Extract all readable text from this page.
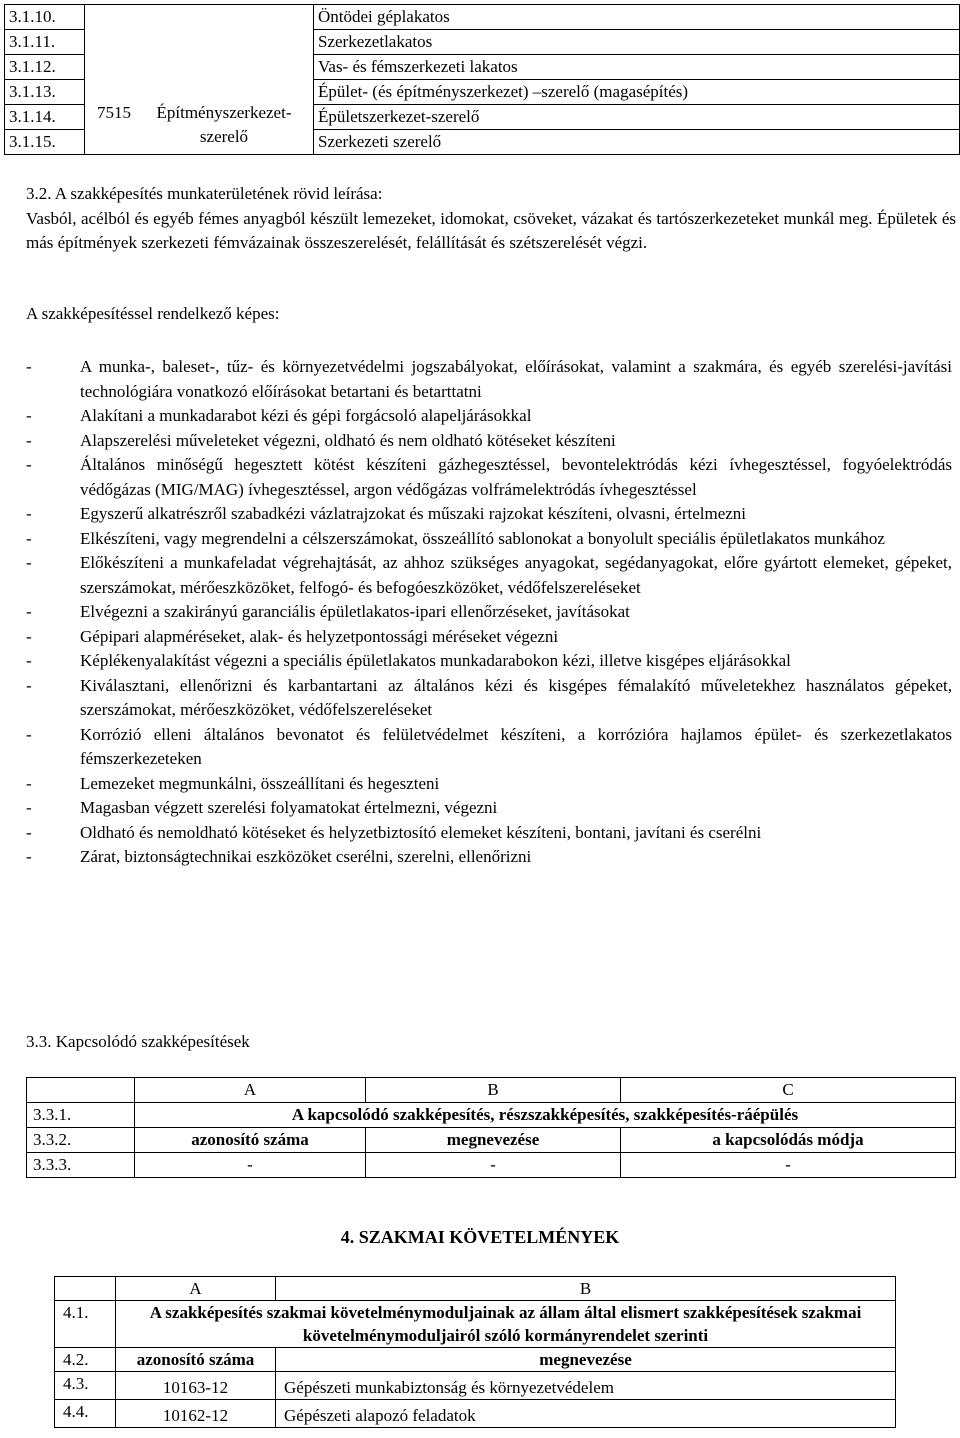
3.1.10.	7515	Építményszerkezet-szerelő	Öntödei géplakatos
3.1.11.			Szerkezetlakatos
3.1.12.			Vas- és fémszerkezeti lakatos
3.1.13.			Épület- (és építményszerkezet) –szerelő (magasépítés)
3.1.14.			Épületszerkezet-szerelő
3.1.15.			Szerkezeti szerelő
3.2. A szakképesítés munkaterületének rövid leírása:
Vasból, acélból és egyéb fémes anyagból készült lemezeket, idomokat, csöveket, vázakat és tartószerkezeteket munkál meg. Épületek és más építmények szerkezeti fémvázainak összeszerelését, felállítását és szétszerelését végzi.
A szakképesítéssel rendelkező képes:
-	A munka-, baleset-, tűz- és környezetvédelmi jogszabályokat, előírásokat, valamint a szakmára, és egyéb szerelési-javítási technológiára vonatkozó előírásokat betartani és betarttatni
-	Alakítani a munkadarabot kézi és gépi forgácsoló alapeljárásokkal
-	Alapszerelési műveleteket végezni, oldható és nem oldható kötéseket készíteni
-	Általános minőségű hegesztett kötést készíteni gázhegesztéssel, bevontelektródás kézi ívhegesztéssel, fogyóelektródás védőgázas (MIG/MAG) ívhegesztéssel, argon védőgázas volfrámelektródás ívhegesztéssel
-	Egyszerű alkatrészről szabadkézi vázlatrajzokat és műszaki rajzokat készíteni, olvasni, értelmezni
-	Elkészíteni, vagy megrendelni a célszerszámokat, összeállító sablonokat a bonyolult speciális épületlakatos munkához
-	Előkészíteni a munkafeladat végrehajtását, az ahhoz szükséges anyagokat, segédanyagokat, előre gyártott elemeket, gépeket, szerszámokat, mérőeszközöket, felfogó- és befogóeszközöket, védőfelszereléseket
-	Elvégezni a szakirányú garanciális épületlakatos-ipari ellenőrzéseket, javításokat
-	Gépipari alapméréseket, alak- és helyzetpontossági méréseket végezni
-	Képlékenyalakítást végezni a speciális épületlakatos munkadarabokon kézi, illetve kisgépes eljárásokkal
-	Kiválasztani, ellenőrizni és karbantartani az általános kézi és kisgépes fémalakító műveletekhez használatos gépeket, szerszámokat, mérőeszközöket, védőfelszereléseket
-	Korrózió elleni általános bevonatot és felületvédelmet készíteni, a korrózióra hajlamos épület- és szerkezetlakatos fémszerkezeteken
-	Lemezeket megmunkálni, összeállítani és hegeszteni
-	Magasban végzett szerelési folyamatokat értelmezni, végezni
-	Oldható és nemoldható kötéseket és helyzetbiztosító elemeket készíteni, bontani, javítani és cserélni
-	Zárat, biztonságtechnikai eszközöket cserélni, szerelni, ellenőrizni
3.3. Kapcsolódó szakképesítések
	A	B	C
3.3.1.	A kapcsolódó szakképesítés, részszakképesítés, szakképesítés-ráépülés		
3.3.2.	azonosító száma	megnevezése	a kapcsolódás módja
3.3.3.	-	-	-
4. SZAKMAI KÖVETELMÉNYEK
	A	B
4.1.	A szakképesítés szakmai követelménymoduljainak az állam által elismert szakképesítések szakmai követelménymoduljairól szóló kormányrendelet szerinti	
4.2.	azonosító száma	megnevezése
4.3.	10163-12	Gépészeti munkabiztonság és környezetvédelem
4.4.	10162-12	Gépészeti alapozó feladatok
